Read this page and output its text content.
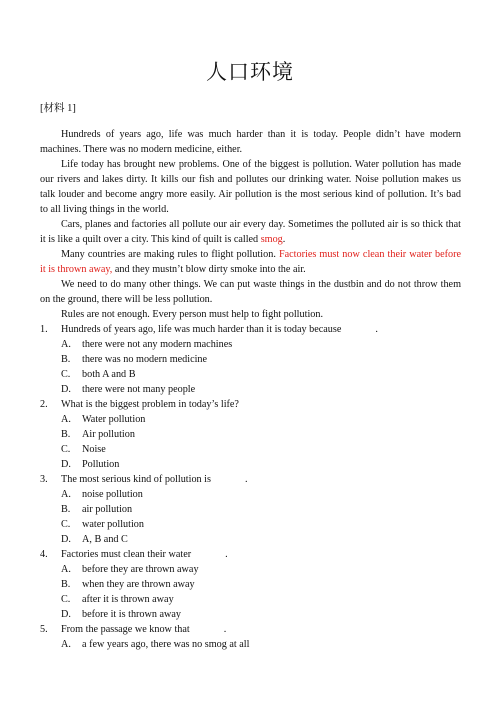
人口环境
[材料 1]

Hundreds of years ago, life was much harder than it is today. People didn’t have modern machines. There was no modern medicine, either.

Life today has brought new problems. One of the biggest is pollution. Water pollution has made our rivers and lakes dirty. It kills our fish and pollutes our drinking water. Noise pollution makes us talk louder and become angry more easily. Air pollution is the most serious kind of pollution. It’s bad to all living things in the world.

Cars, planes and factories all pollute our air every day. Sometimes the polluted air is so thick that it is like a quilt over a city. This kind of quilt is called smog.

Many countries are making rules to flight pollution. Factories must now clean their water before it is thrown away, and they mustn’t blow dirty smoke into the air.

We need to do many other things. We can put waste things in the dustbin and do not throw them on the ground, there will be less pollution.

Rules are not enough. Every person must help to fight pollution.

1. Hundreds of years ago, life was much harder than it is today because	.

A. there were not any modern machines

B. there was no modern medicine

C. both A and B

D. there were not many people

2. What is the biggest problem in today’s life?

A. Water pollution

B. Air pollution

C. Noise

D. Pollution

3. The most serious kind of pollution is	.

A. noise pollution

B. air pollution

C. water pollution

D. A, B and C

4. Factories must clean their water	.

A. before they are thrown away

B. when they are thrown away

C. after it is thrown away

D. before it is thrown away

5. From the passage we know that	.

A. a few years ago, there was no smog at all
